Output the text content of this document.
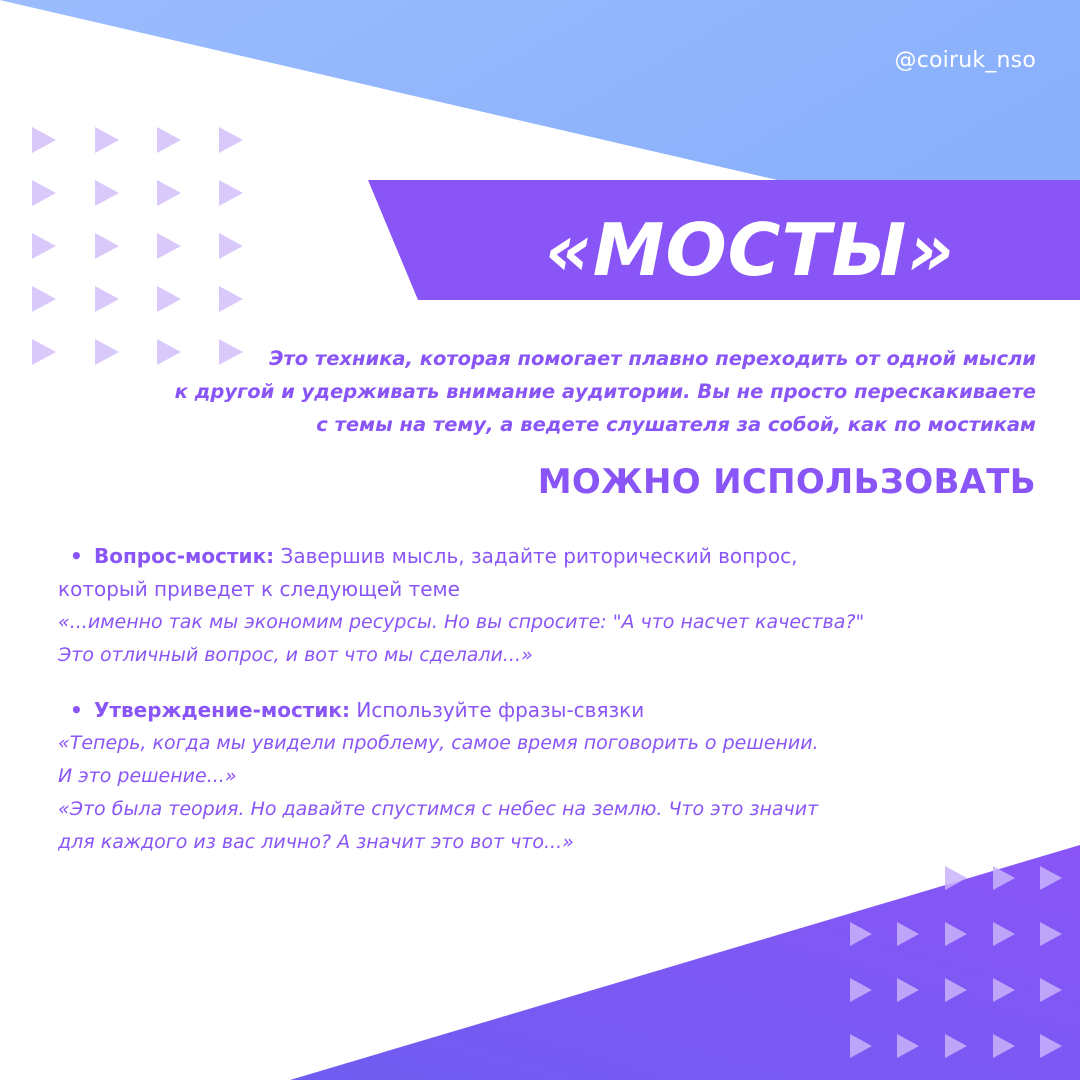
@coiruk_nso
«МОСТЫ»
Это техника, которая помогает плавно переходить от одной мысли
к другой и удерживать внимание аудитории. Вы не просто перескакиваете
с темы на тему, а ведете слушателя за собой, как по мостикам
МОЖНО ИСПОЛЬЗОВАТЬ
• Вопрос-мостик: Завершив мысль, задайте риторический вопрос,
который приведет к следующей теме
«...именно так мы экономим ресурсы. Но вы спросите: "А что насчет качества?"
Это отличный вопрос, и вот что мы сделали...»
• Утверждение-мостик: Используйте фразы-связки
«Теперь, когда мы увидели проблему, самое время поговорить о решении.
И это решение...»
«Это была теория. Но давайте спустимся с небес на землю. Что это значит
для каждого из вас лично? А значит это вот что...»
